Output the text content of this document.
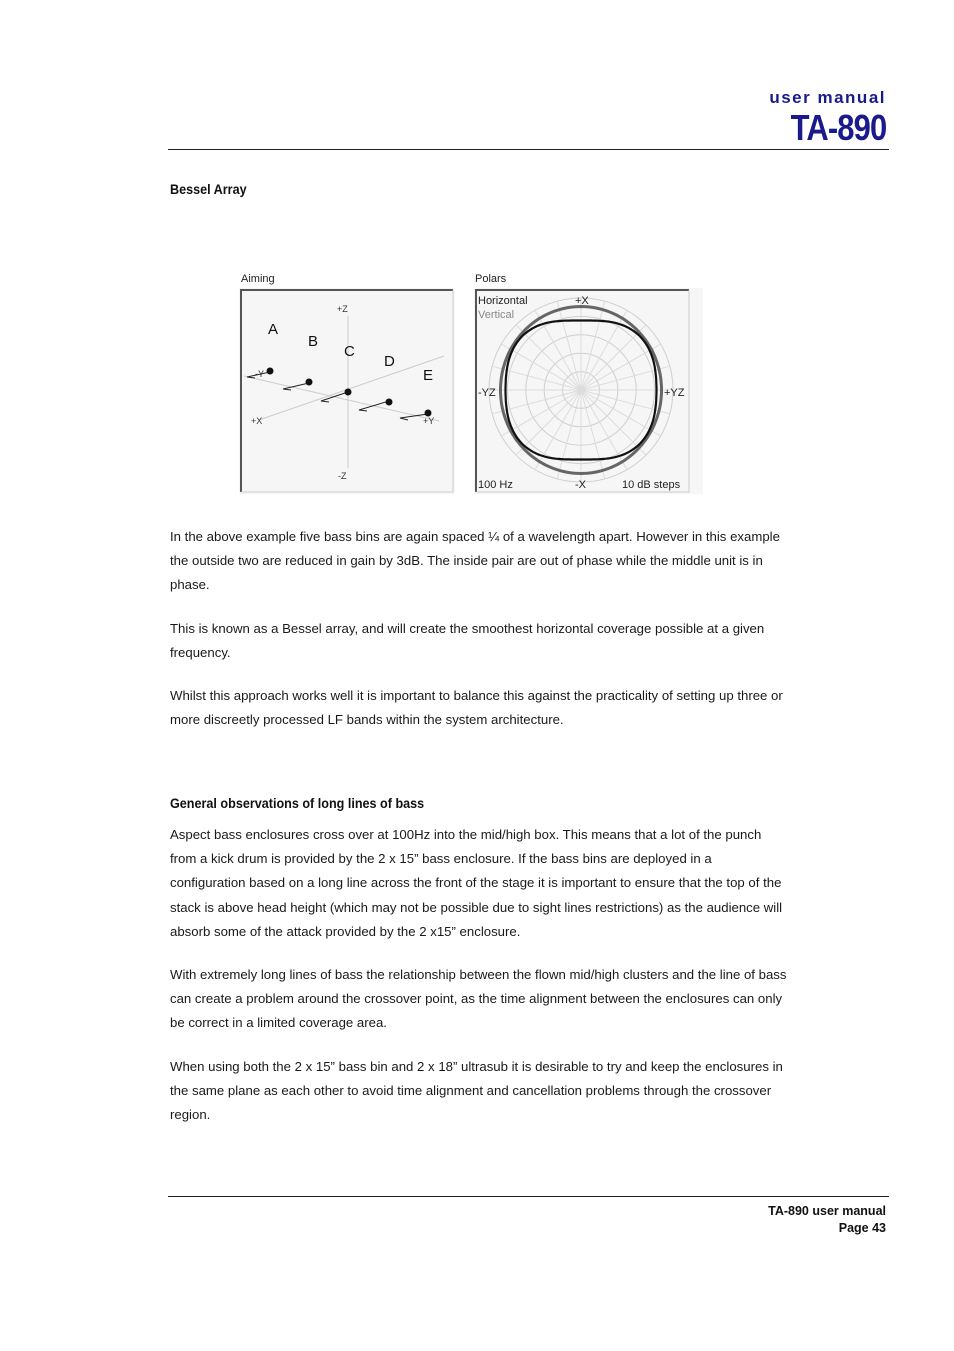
user manual
TA-890
Bessel Array
Aiming
+Z
-Z
+X
-Y
+Y
A
B
C
D
E
Polars
Horizontal
Vertical
+X
-X
-YZ	+YZ
100 Hz	10 dB steps

In the above example five bass bins are again spaced ¼ of a wavelength apart. However in this example the outside two are reduced in gain by 3dB. The inside pair are out of phase while the middle unit is in phase.

This is known as a Bessel array, and will create the smoothest horizontal coverage possible at a given frequency.

Whilst this approach works well it is important to balance this against the practicality of setting up three or more discreetly processed LF bands within the system architecture.

General observations of long lines of bass

Aspect bass enclosures cross over at 100Hz into the mid/high box. This means that a lot of the punch from a kick drum is provided by the 2 x 15” bass enclosure. If the bass bins are deployed in a configuration based on a long line across the front of the stage it is important to ensure that the top of the stack is above head height (which may not be possible due to sight lines restrictions) as the audience will absorb some of the attack provided by the 2 x15” enclosure.

With extremely long lines of bass the relationship between the flown mid/high clusters and the line of bass can create a problem around the crossover point, as the time alignment between the enclosures can only be correct in a limited coverage area.

When using both the 2 x 15” bass bin and 2 x 18” ultrasub it is desirable to try and keep the enclosures in the same plane as each other to avoid time alignment and cancellation problems through the crossover region.

TA-890 user manual
Page 43
